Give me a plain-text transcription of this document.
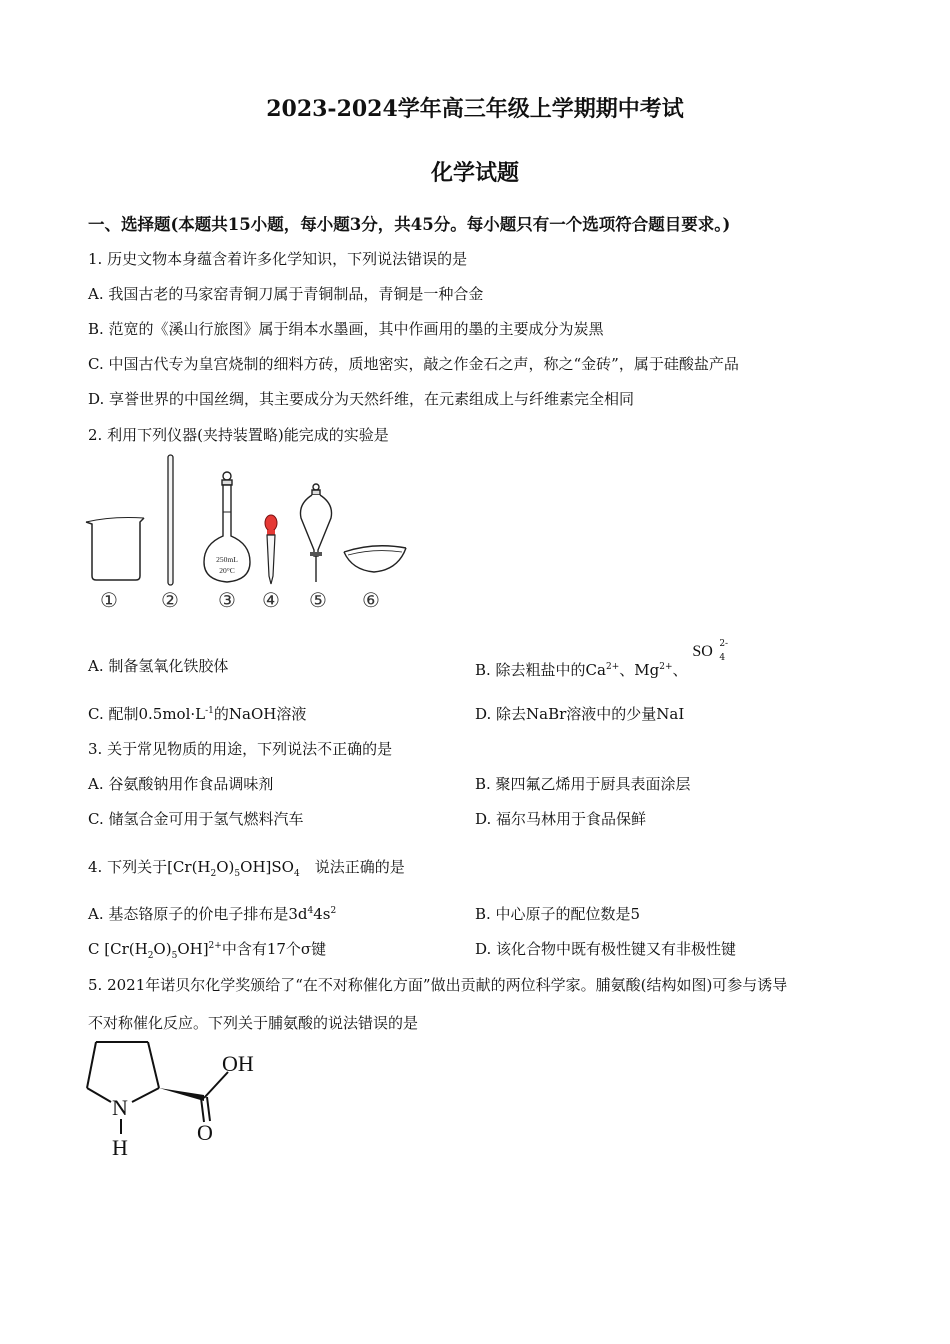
2023-2024学年高三年级上学期期中考试
化学试题
一、选择题(本题共15小题，每小题3分，共45分。每小题只有一个选项符合题目要求。)
1. 历史文物本身蕴含着许多化学知识，下列说法错误的是
A. 我国古老的马家窑青铜刀属于青铜制品，青铜是一种合金
B. 范宽的《溪山行旅图》属于绢本水墨画，其中作画用的墨的主要成分为炭黑
C. 中国古代专为皇宫烧制的细料方砖，质地密实，敲之作金石之声，称之“金砖”，属于硅酸盐产品
D. 享誉世界的中国丝绸，其主要成分为天然纤维，在元素组成上与纤维素完全相同
2. 利用下列仪器(夹持装置略)能完成的实验是
250mL
20°C
① ② ③ ④ ⑤ ⑥
A. 制备氢氧化铁胶体	B. 除去粗盐中的$Ca^{2+}$、$Mg^{2+}$、
SO 2-
4
C. 配制$0.5mol\cdot L^{-1}$的NaOH溶液	D. 除去NaBr溶液中的少量NaI
3. 关于常见物质的用途，下列说法不正确的是
A. 谷氨酸钠用作食品调味剂	B. 聚四氟乙烯用于厨具表面涂层
C. 储氢合金可用于氢气燃料汽车	D. 福尔马林用于食品保鲜
4. 下列关于$[Cr(H_2O)_5OH]SO_4$　说法正确的是
A. 基态铬原子的价电子排布是$3d^44s^2$	B. 中心原子的配位数是5
C $[Cr(H_2O)_5OH]^{2+}$中含有17个σ键	D. 该化合物中既有极性键又有非极性键
5. 2021年诺贝尔化学奖颁给了“在不对称催化方面”做出贡献的两位科学家。脯氨酸(结构如图)可参与诱导
不对称催化反应。下列关于脯氨酸的说法错误的是
OH
N
H
O
